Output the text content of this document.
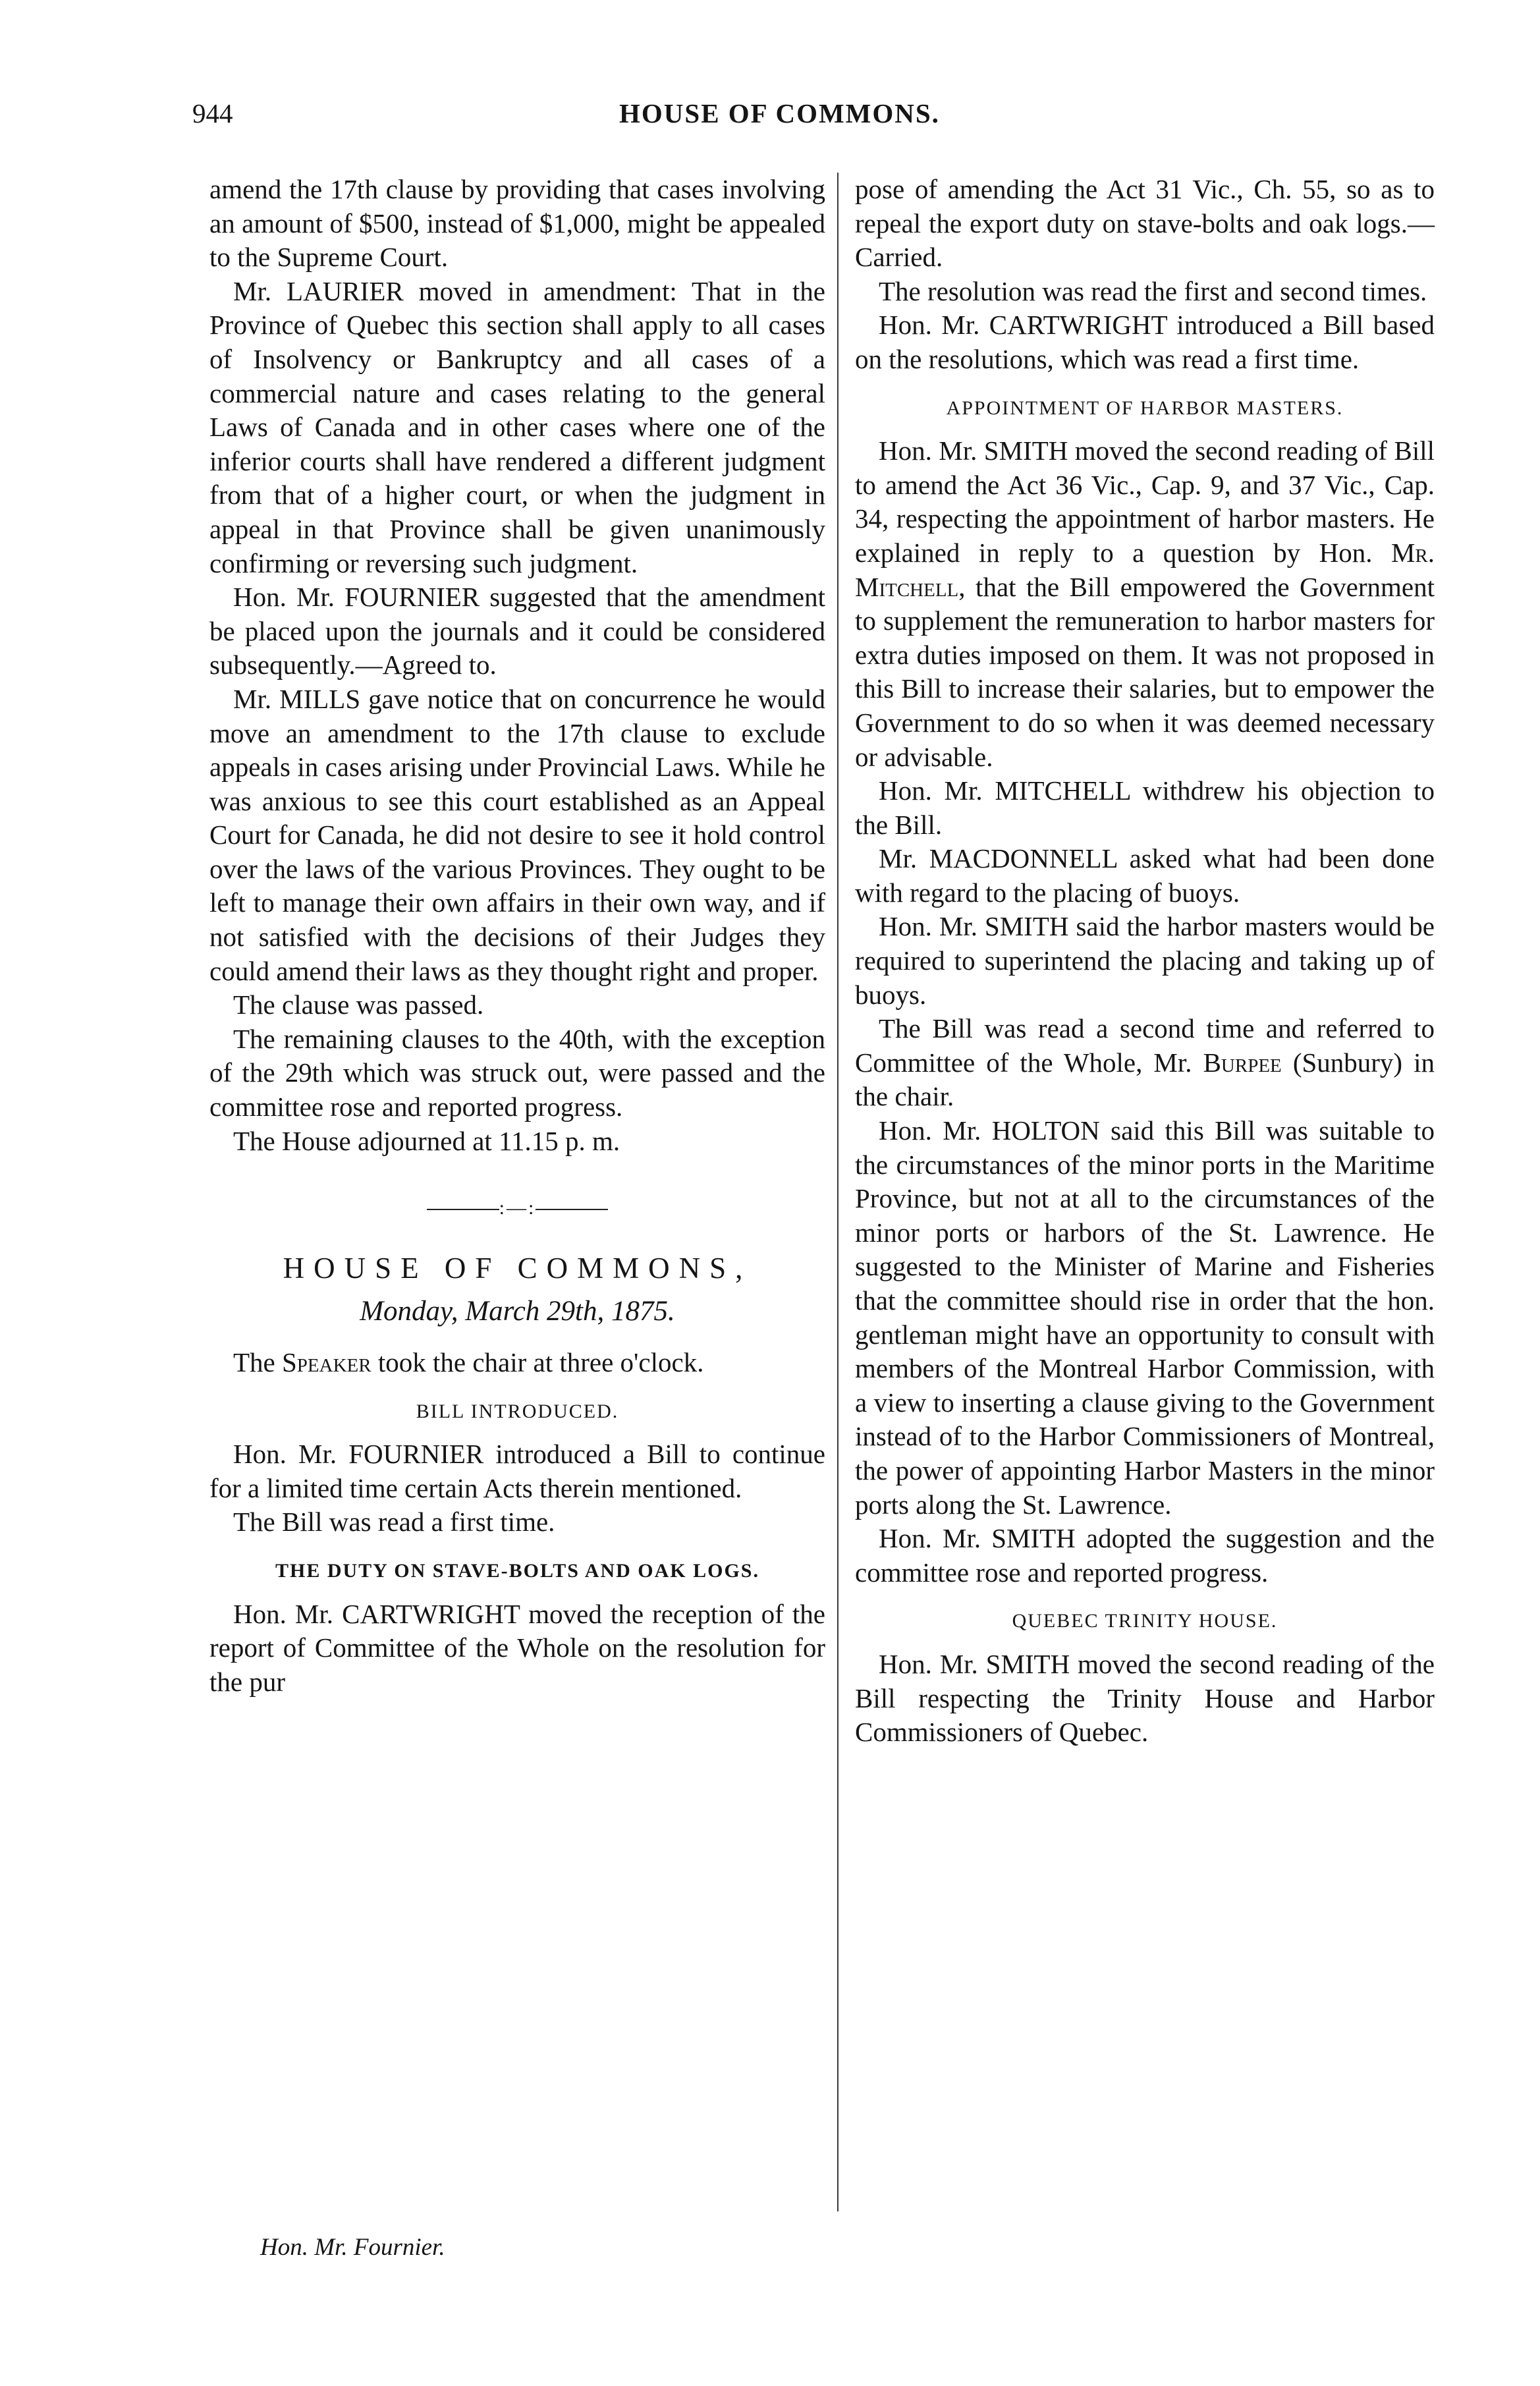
944	HOUSE OF COMMONS.

amend the 17th clause by providing that cases involving an amount of $500, instead of $1,000, might be appealed to the Supreme Court.

Mr. LAURIER moved in amendment: That in the Province of Quebec this section shall apply to all cases of Insolvency or Bankruptcy and all cases of a commercial nature and cases relating to the general Laws of Canada and in other cases where one of the inferior courts shall have rendered a different judgment from that of a higher court, or when the judgment in appeal in that Province shall be given unanimously confirming or reversing such judgment.

Hon. Mr. FOURNIER suggested that the amendment be placed upon the journals and it could be considered subsequently.—Agreed to.

Mr. MILLS gave notice that on concurrence he would move an amendment to the 17th clause to exclude appeals in cases arising under Provincial Laws. While he was anxious to see this court established as an Appeal Court for Canada, he did not desire to see it hold control over the laws of the various Provinces. They ought to be left to manage their own affairs in their own way, and if not satisfied with the decisions of their Judges they could amend their laws as they thought right and proper.

The clause was passed.

The remaining clauses to the 40th, with the exception of the 29th which was struck out, were passed and the committee rose and reported progress.

The House adjourned at 11.15 p. m.

:—:
HOUSE OF COMMONS,
Monday, March 29th, 1875.

The Speaker took the chair at three o'clock.

BILL INTRODUCED.

Hon. Mr. FOURNIER introduced a Bill to continue for a limited time certain Acts therein mentioned.

The Bill was read a first time.

THE DUTY ON STAVE-BOLTS AND OAK LOGS.

Hon. Mr. CARTWRIGHT moved the reception of the report of Committee of the Whole on the resolution for the pur

pose of amending the Act 31 Vic., Ch. 55, so as to repeal the export duty on stave-bolts and oak logs.—Carried.

The resolution was read the first and second times.

Hon. Mr. CARTWRIGHT introduced a Bill based on the resolutions, which was read a first time.

APPOINTMENT OF HARBOR MASTERS.

Hon. Mr. SMITH moved the second reading of Bill to amend the Act 36 Vic., Cap. 9, and 37 Vic., Cap. 34, respecting the appointment of harbor masters. He explained in reply to a question by Hon. Mr. Mitchell, that the Bill empowered the Government to supplement the remuneration to harbor masters for extra duties imposed on them. It was not proposed in this Bill to increase their salaries, but to empower the Government to do so when it was deemed necessary or advisable.

Hon. Mr. MITCHELL withdrew his objection to the Bill.

Mr. MACDONNELL asked what had been done with regard to the placing of buoys.

Hon. Mr. SMITH said the harbor masters would be required to superintend the placing and taking up of buoys.

The Bill was read a second time and referred to Committee of the Whole, Mr. Burpee (Sunbury) in the chair.

Hon. Mr. HOLTON said this Bill was suitable to the circumstances of the minor ports in the Maritime Province, but not at all to the circumstances of the minor ports or harbors of the St. Lawrence. He suggested to the Minister of Marine and Fisheries that the committee should rise in order that the hon. gentleman might have an opportunity to consult with members of the Montreal Harbor Commission, with a view to inserting a clause giving to the Government instead of to the Harbor Commissioners of Montreal, the power of appointing Harbor Masters in the minor ports along the St. Lawrence.

Hon. Mr. SMITH adopted the suggestion and the committee rose and reported progress.

QUEBEC TRINITY HOUSE.

Hon. Mr. SMITH moved the second reading of the Bill respecting the Trinity House and Harbor Commissioners of Quebec.

Hon. Mr. Fournier.
